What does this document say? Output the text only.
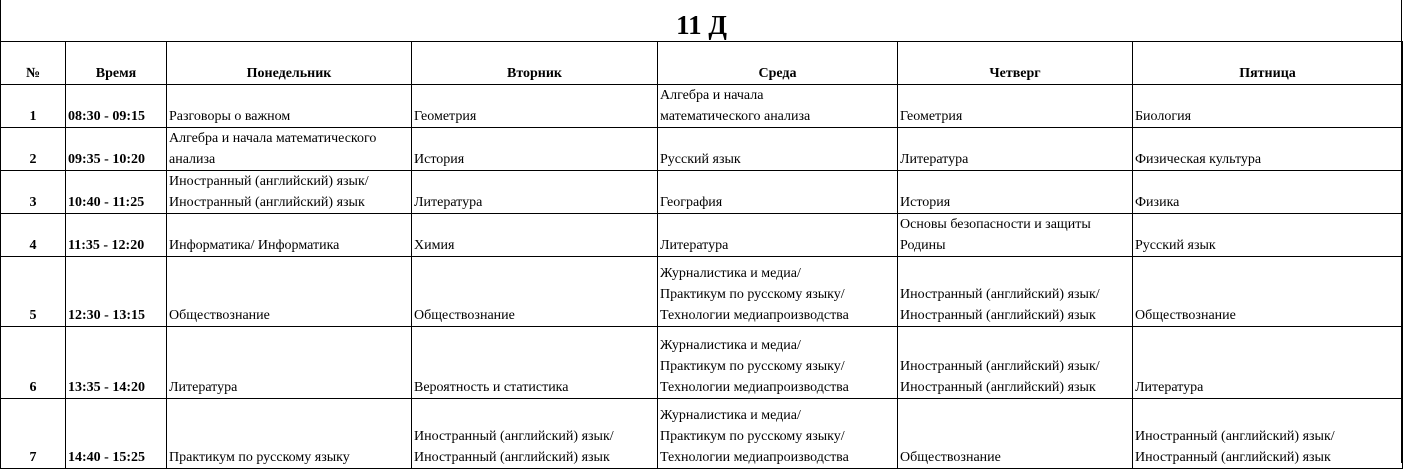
11 Д
№	Время	Понедельник	Вторник	Среда	Четверг	Пятница
1	08:30 - 09:15	Разговоры о важном	Геометрия	Алгебра и начала
математического анализа	Геометрия	Биология
2	09:35 - 10:20	Алгебра и начала математического
анализа	История	Русский язык	Литература	Физическая культура
3	10:40 - 11:25	Иностранный (английский) язык/
Иностранный (английский) язык	Литература	География	История	Физика
4	11:35 - 12:20	Информатика/ Информатика	Химия	Литература	Основы безопасности и защиты
Родины	Русский язык
5	12:30 - 13:15	Обществознание	Обществознание	Журналистика и медиа/
Практикум по русскому языку/
Технологии медиапроизводства	Иностранный (английский) язык/
Иностранный (английский) язык	Обществознание
6	13:35 - 14:20	Литература	Вероятность и статистика	Журналистика и медиа/
Практикум по русскому языку/
Технологии медиапроизводства	Иностранный (английский) язык/
Иностранный (английский) язык	Литература
7	14:40 - 15:25	Практикум по русскому языку	Иностранный (английский) язык/
Иностранный (английский) язык	Журналистика и медиа/
Практикум по русскому языку/
Технологии медиапроизводства	Обществознание	Иностранный (английский) язык/
Иностранный (английский) язык
